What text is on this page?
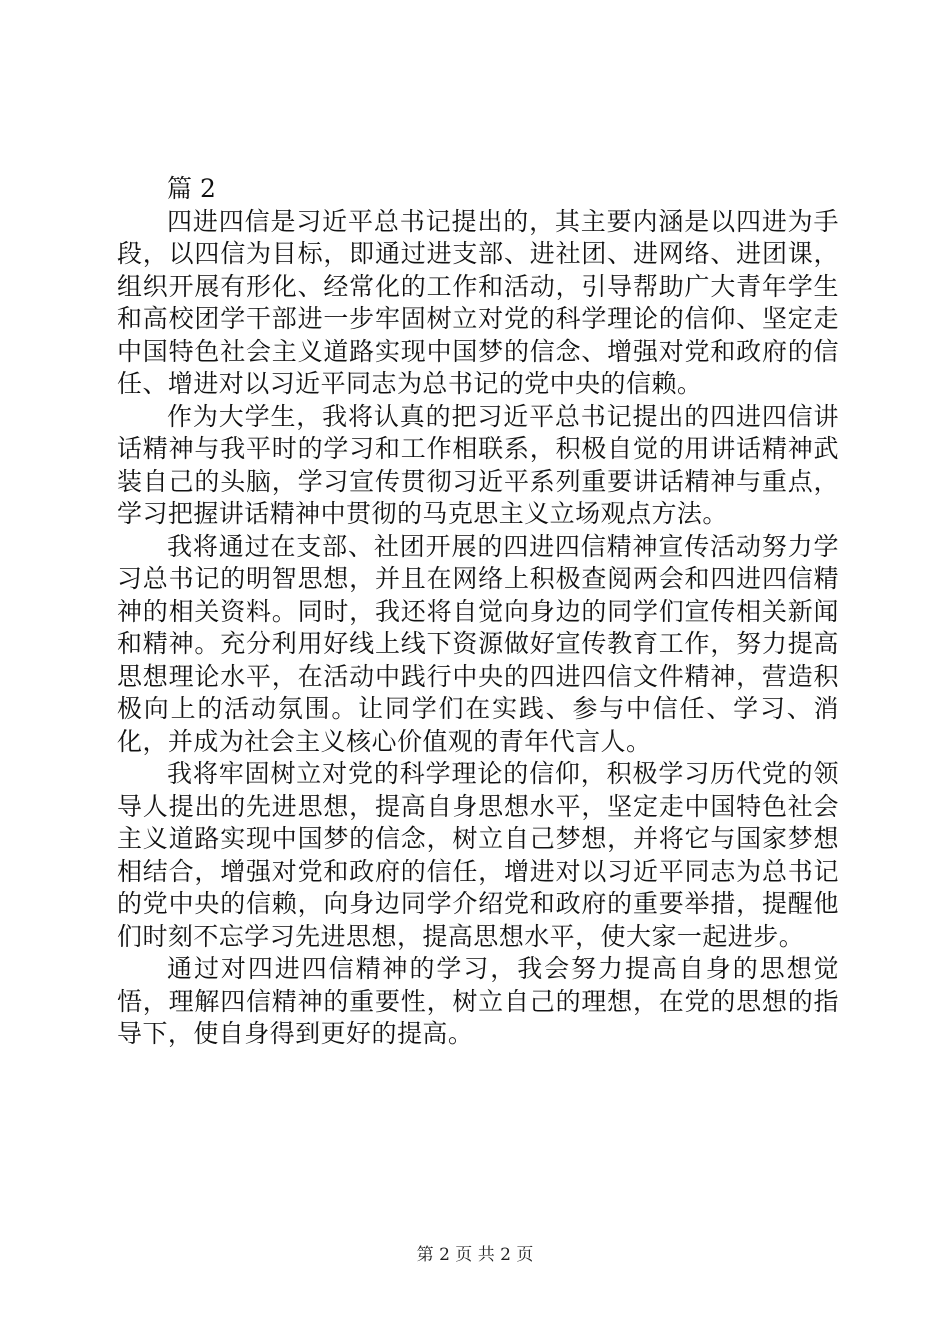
篇 2

四进四信是习近平总书记提出的，其主要内涵是以四进为手段，以四信为目标，即通过进支部、进社团、进网络、进团课，组织开展有形化、经常化的工作和活动，引导帮助广大青年学生和高校团学干部进一步牢固树立对党的科学理论的信仰、坚定走中国特色社会主义道路实现中国梦的信念、增强对党和政府的信任、增进对以习近平同志为总书记的党中央的信赖。

作为大学生，我将认真的把习近平总书记提出的四进四信讲话精神与我平时的学习和工作相联系，积极自觉的用讲话精神武装自己的头脑，学习宣传贯彻习近平系列重要讲话精神与重点，学习把握讲话精神中贯彻的马克思主义立场观点方法。

我将通过在支部、社团开展的四进四信精神宣传活动努力学习总书记的明智思想，并且在网络上积极查阅两会和四进四信精神的相关资料。同时，我还将自觉向身边的同学们宣传相关新闻和精神。充分利用好线上线下资源做好宣传教育工作，努力提高思想理论水平，在活动中践行中央的四进四信文件精神，营造积极向上的活动氛围。让同学们在实践、参与中信任、学习、消化，并成为社会主义核心价值观的青年代言人。

我将牢固树立对党的科学理论的信仰，积极学习历代党的领导人提出的先进思想，提高自身思想水平，坚定走中国特色社会主义道路实现中国梦的信念，树立自己梦想，并将它与国家梦想相结合，增强对党和政府的信任，增进对以习近平同志为总书记的党中央的信赖，向身边同学介绍党和政府的重要举措，提醒他们时刻不忘学习先进思想，提高思想水平，使大家一起进步。

通过对四进四信精神的学习，我会努力提高自身的思想觉悟，理解四信精神的重要性，树立自己的理想，在党的思想的指导下，使自身得到更好的提高。

第 2 页 共 2 页
